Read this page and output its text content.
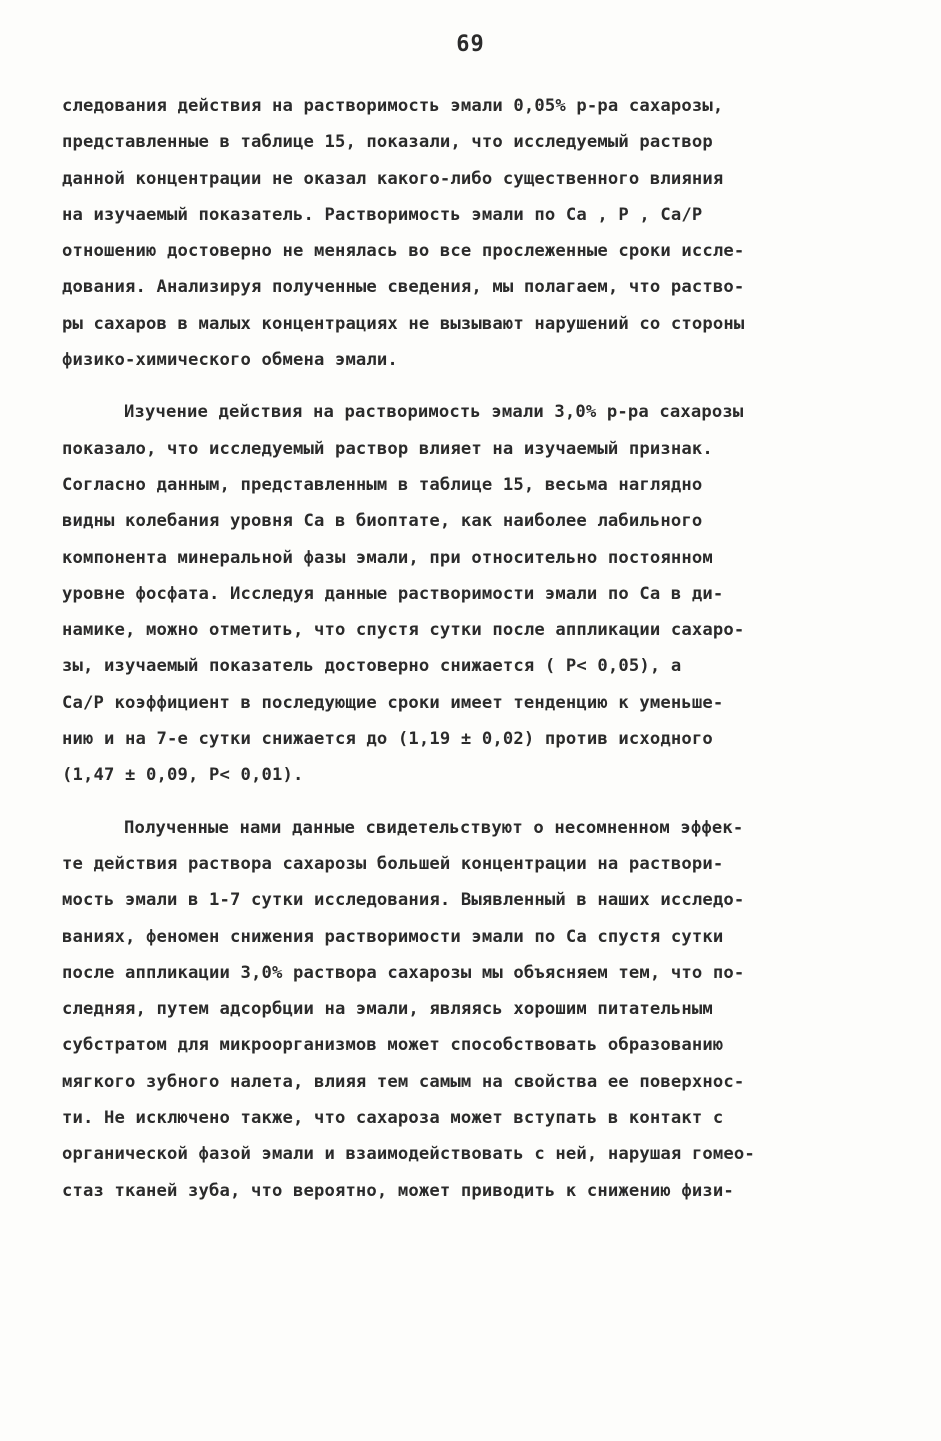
69
следования действия на растворимость эмали 0,05% р-ра сахарозы,
представленные в таблице 15, показали, что исследуемый раствор
данной концентрации не оказал какого-либо существенного влияния
на изучаемый показатель. Растворимость эмали по Ca , P , Ca/P
отношению достоверно не менялась во все прослеженные сроки иссле-
дования. Анализируя полученные сведения, мы полагаем, что раство-
ры сахаров в малых концентрациях не вызывают нарушений со стороны
физико-химического обмена эмали.
Изучение действия на растворимость эмали 3,0% р-ра сахарозы
показало, что исследуемый раствор влияет на изучаемый признак.
Согласно данным, представленным в таблице 15, весьма наглядно
видны колебания уровня Ca в биоптате, как наиболее лабильного
компонента минеральной фазы эмали, при относительно постоянном
уровне фосфата. Исследуя данные растворимости эмали по Ca в ди-
намике, можно отметить, что спустя сутки после аппликации сахаро-
зы, изучаемый показатель достоверно снижается ( P< 0,05), а
Ca/P коэффициент в последующие сроки имеет тенденцию к уменьше-
нию и на 7-е сутки снижается до (1,19 ± 0,02) против исходного
(1,47 ± 0,09, P< 0,01).
Полученные нами данные свидетельствуют о несомненном эффек-
те действия раствора сахарозы большей концентрации на раствори-
мость эмали в 1-7 сутки исследования. Выявленный в наших исследо-
ваниях, феномен снижения растворимости эмали по Ca спустя сутки
после аппликации 3,0% раствора сахарозы мы объясняем тем, что по-
следняя, путем адсорбции на эмали, являясь хорошим питательным
субстратом для микроорганизмов может способствовать образованию
мягкого зубного налета, влияя тем самым на свойства ее поверхнос-
ти. Не исключено также, что сахароза может вступать в контакт с
органической фазой эмали и взаимодействовать с ней, нарушая гомео-
стаз тканей зуба, что вероятно, может приводить к снижению физи-
